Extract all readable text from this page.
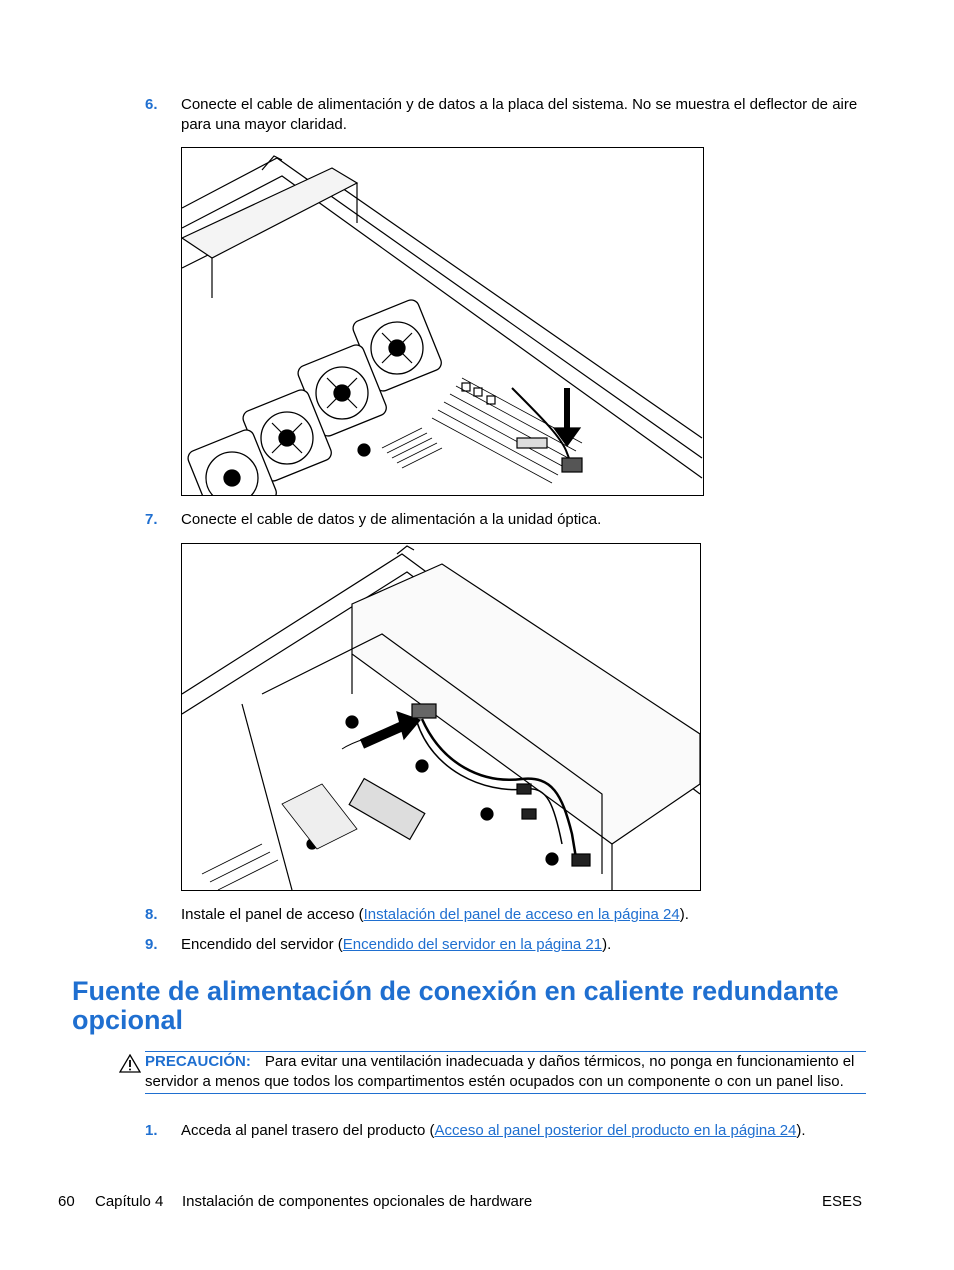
6. Conecte el cable de alimentación y de datos a la placa del sistema. No se muestra el deflector de aire para una mayor claridad.
7. Conecte el cable de datos y de alimentación a la unidad óptica.
8. Instale el panel de acceso (Instalación del panel de acceso en la página 24).
9. Encendido del servidor (Encendido del servidor en la página 21).
Fuente de alimentación de conexión en caliente redundante opcional
PRECAUCIÓN: Para evitar una ventilación inadecuada y daños térmicos, no ponga en funcionamiento el servidor a menos que todos los compartimentos estén ocupados con un componente o con un panel liso.
1. Acceda al panel trasero del producto (Acceso al panel posterior del producto en la página 24).
60 Capítulo 4 Instalación de componentes opcionales de hardware	ESES
